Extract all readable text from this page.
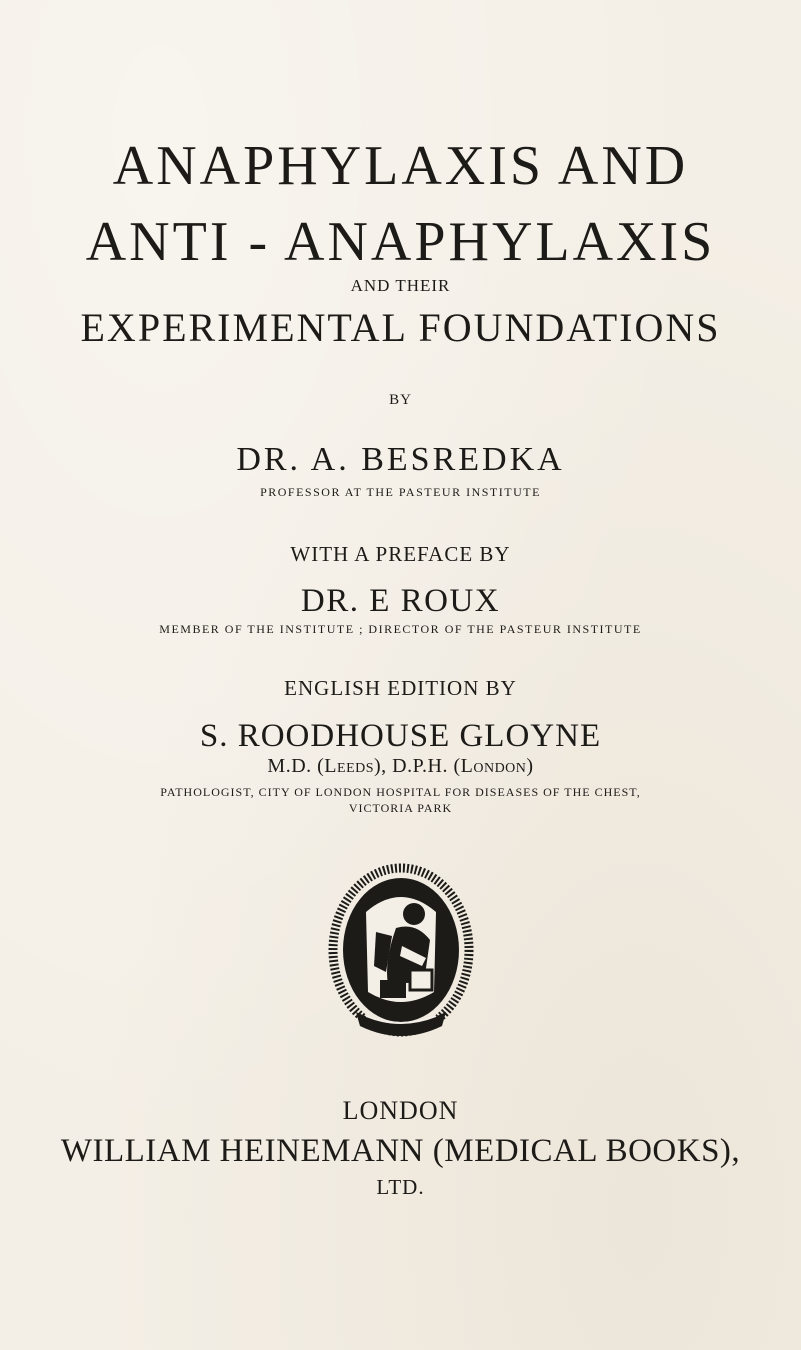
ANAPHYLAXIS AND
ANTI - ANAPHYLAXIS
AND THEIR
EXPERIMENTAL FOUNDATIONS
BY
DR. A. BESREDKA
PROFESSOR AT THE PASTEUR INSTITUTE
WITH A PREFACE BY
DR. E ROUX
MEMBER OF THE INSTITUTE ; DIRECTOR OF THE PASTEUR INSTITUTE
ENGLISH EDITION BY
S. ROODHOUSE GLOYNE
M.D. (Leeds), D.P.H. (London)
PATHOLOGIST, CITY OF LONDON HOSPITAL FOR DISEASES OF THE CHEST,
VICTORIA PARK
LONDON
WILLIAM HEINEMANN (MEDICAL BOOKS),
LTD.
